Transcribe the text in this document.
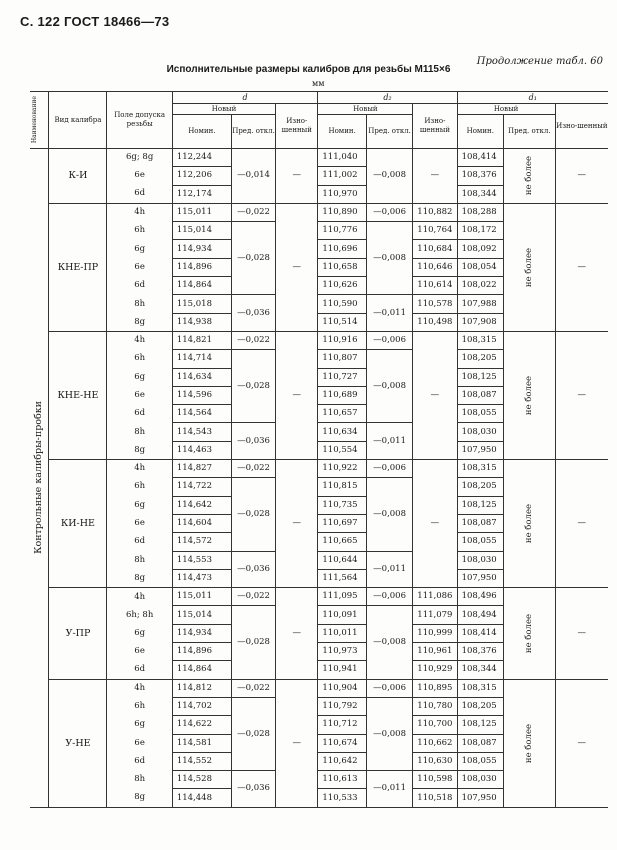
С. 122 ГОСТ 18466—73
Продолжение табл. 60
Исполнительные размеры калибров для резьбы М115×6
мм
Наименование	Вид калибра	Поле допуска резьбы	d			d₂			d₁		
			Новый		Изно-шенный	Новый		Изно-шенный	Новый		Изно-шенный
			Номин.	Пред. откл.		Номин.	Пред. откл.		Номин.	Пред. откл.	

Контрольные калибры-пробки	К-И	6g; 8g	112,244	—0,014	—	111,040	—0,008	—	108,414	не более	—
		6e	112,206			111,002			108,376		
		6d	112,174			110,970			108,344		
	КНЕ-ПР	4h	115,011	—0,022	—	110,890	—0,006	110,882	108,288	не более	—
		6h	115,014	—0,028		110,776	—0,008	110,764	108,172		
		6g	114,934			110,696		110,684	108,092		
		6e	114,896			110,658		110,646	108,054		
		6d	114,864			110,626		110,614	108,022		
		8h	115,018	—0,036		110,590	—0,011	110,578	107,988		
		8g	114,938			110,514		110,498	107,908		
	КНЕ-НЕ	4h	114,821	—0,022	—	110,916	—0,006	—	108,315	не более	—
		6h	114,714	—0,028		110,807	—0,008		108,205		
		6g	114,634			110,727			108,125		
		6e	114,596			110,689			108,087		
		6d	114,564			110,657			108,055		
		8h	114,543	—0,036		110,634	—0,011		108,030		
		8g	114,463			110,554			107,950		
	КИ-НЕ	4h	114,827	—0,022	—	110,922	—0,006	—	108,315	не более	—
		6h	114,722	—0,028		110,815	—0,008		108,205		
		6g	114,642			110,735			108,125		
		6e	114,604			110,697			108,087		
		6d	114,572			110,665			108,055		
		8h	114,553	—0,036		110,644	—0,011		108,030		
		8g	114,473			111,564			107,950		
	У-ПР	4h	115,011	—0,022	—	111,095	—0,006	111,086	108,496	не более	—
		6h; 8h	115,014	—0,028		110,091	—0,008	111,079	108,494		
		6g	114,934			110,011		110,999	108,414		
		6e	114,896			110,973		110,961	108,376		
		6d	114,864			110,941		110,929	108,344		
	У-НЕ	4h	114,812	—0,022	—	110,904	—0,006	110,895	108,315	не более	—
		6h	114,702	—0,028		110,792	—0,008	110,780	108,205		
		6g	114,622			110,712		110,700	108,125		
		6e	114,581			110,674		110,662	108,087		
		6d	114,552			110,642		110,630	108,055		
		8h	114,528	—0,036		110,613	—0,011	110,598	108,030		
		8g	114,448			110,533		110,518	107,950		
